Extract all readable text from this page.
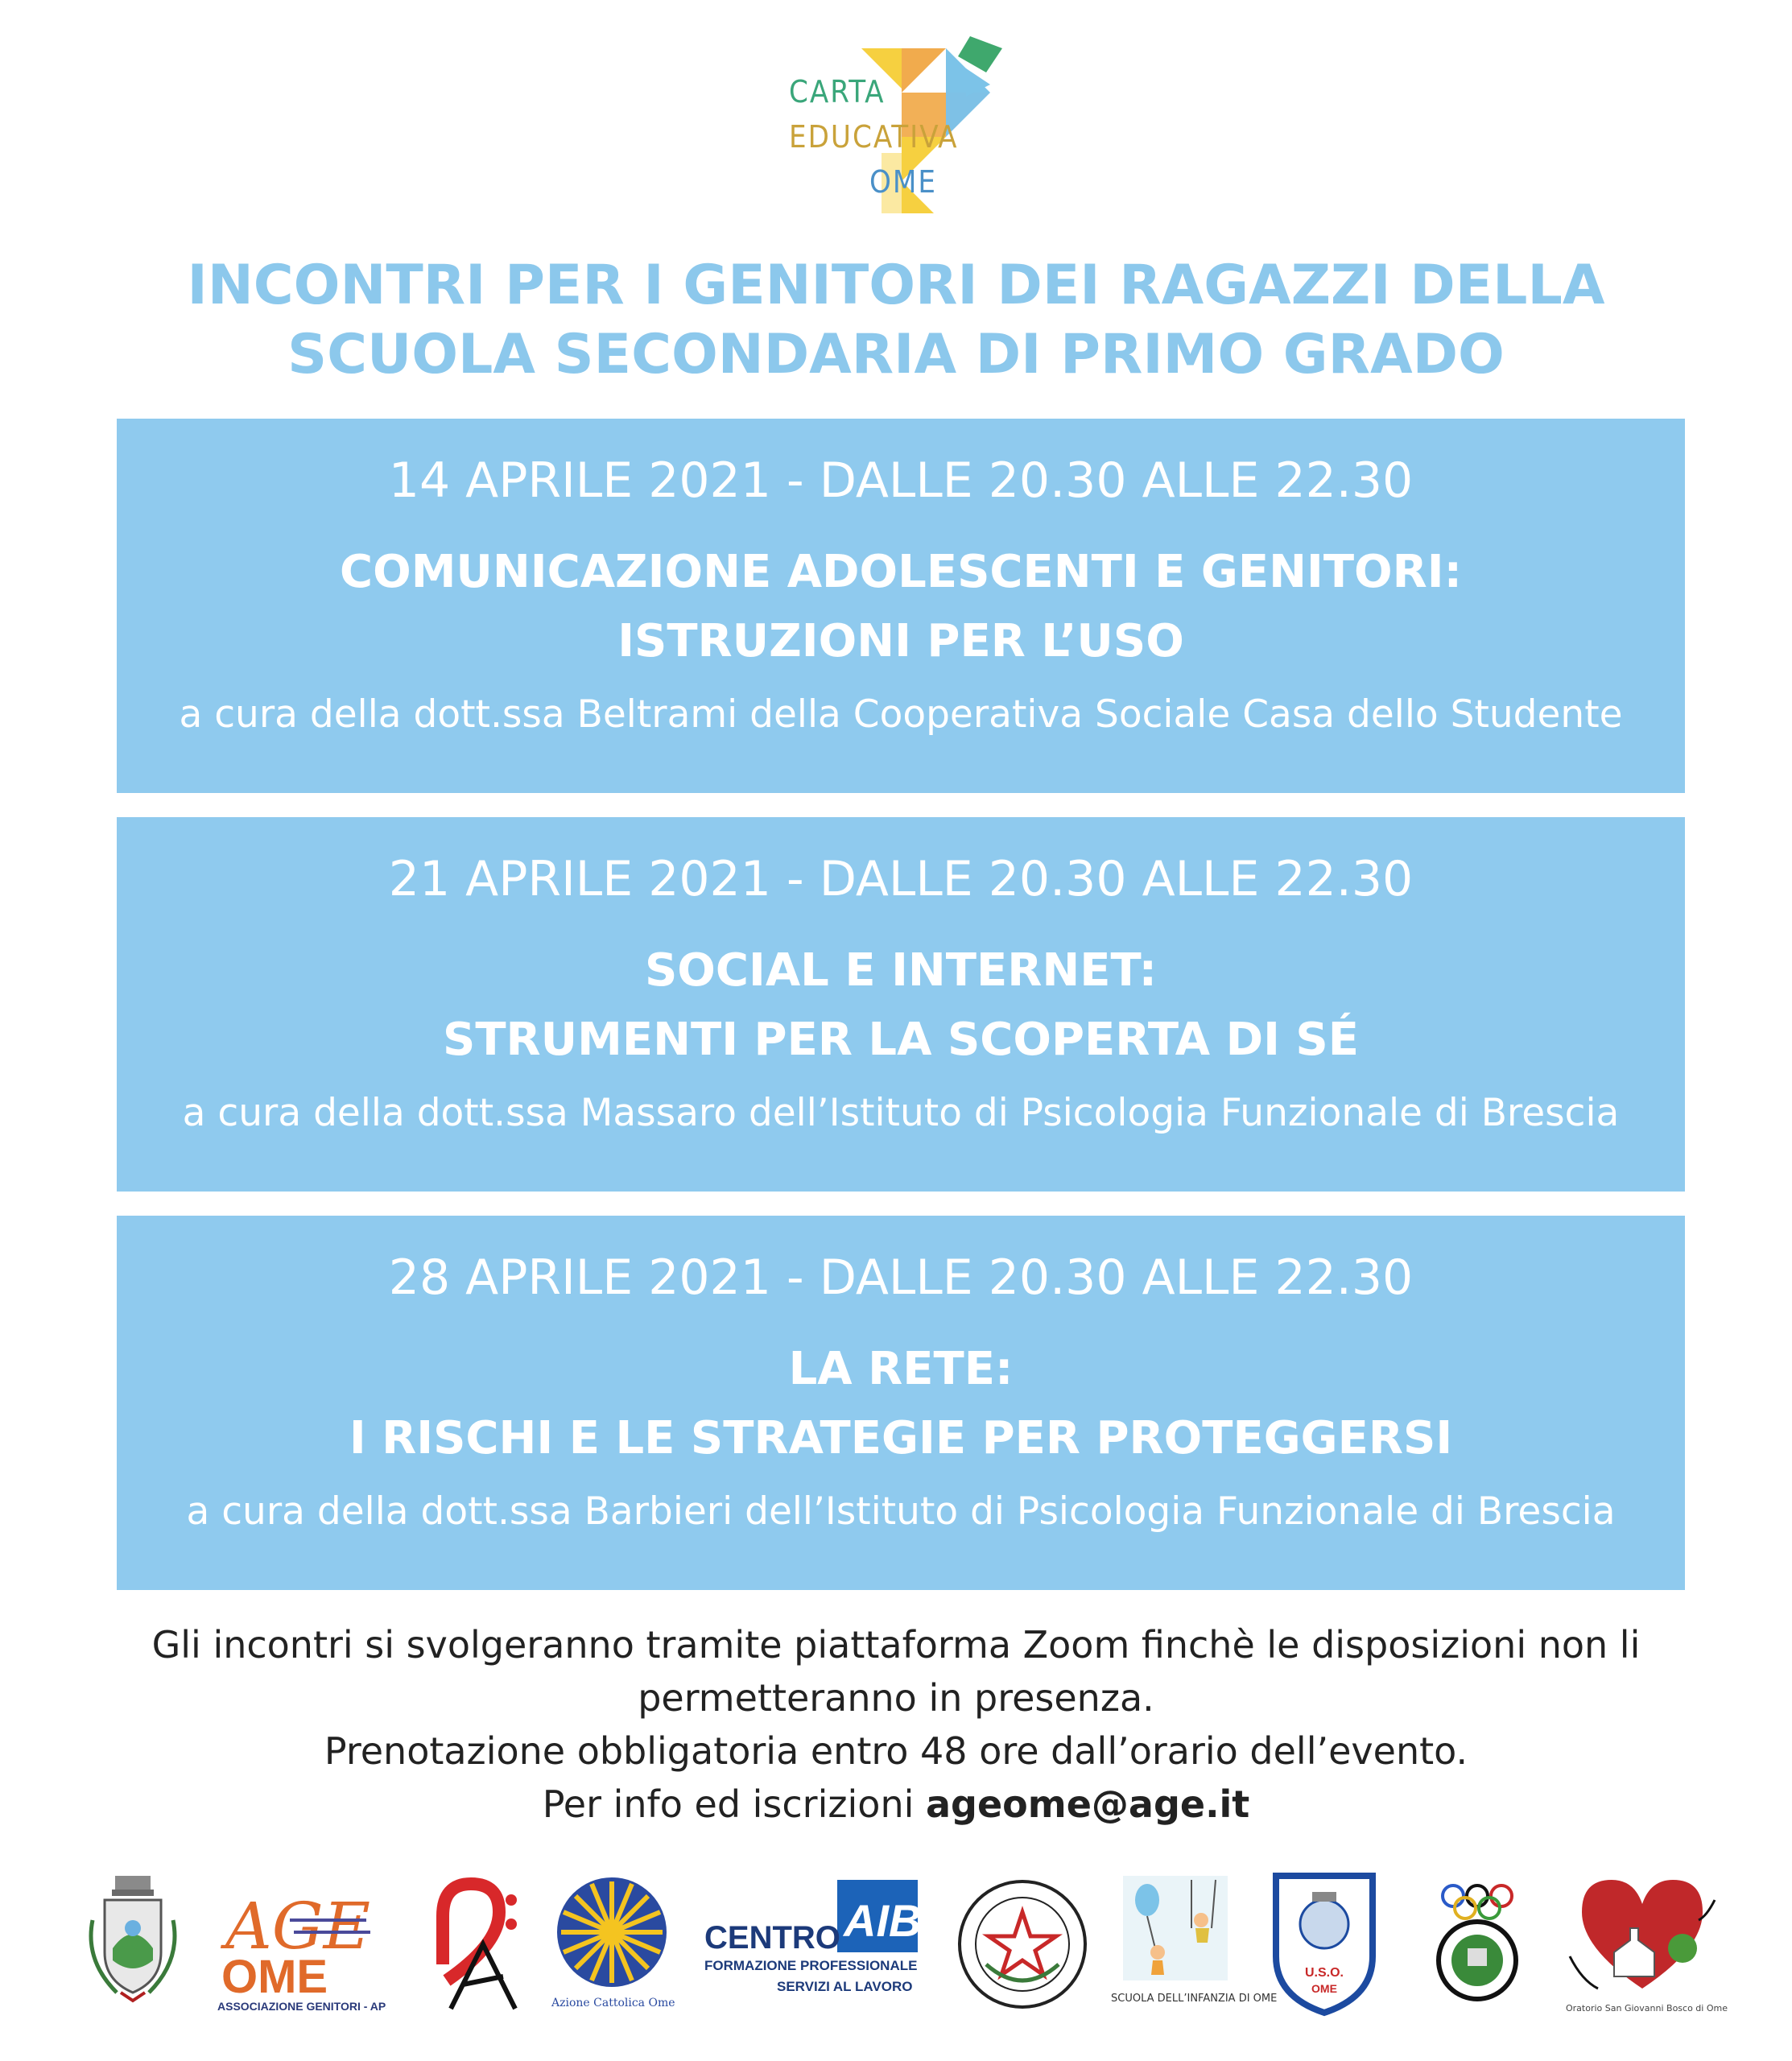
CARTA
EDUCATIVA
OME
INCONTRI PER I GENITORI DEI RAGAZZI DELLA
SCUOLA SECONDARIA DI PRIMO GRADO
14 APRILE 2021 - DALLE 20.30 ALLE 22.30
COMUNICAZIONE ADOLESCENTI E GENITORI:
ISTRUZIONI PER L’USO
a cura della dott.ssa Beltrami della Cooperativa Sociale Casa dello Studente
21 APRILE 2021 - DALLE 20.30 ALLE 22.30
SOCIAL E INTERNET:
STRUMENTI PER LA SCOPERTA DI SÉ
a cura della dott.ssa Massaro dell’Istituto di Psicologia Funzionale di Brescia
28 APRILE 2021 - DALLE 20.30 ALLE 22.30
LA RETE:
I RISCHI E LE STRATEGIE PER PROTEGGERSI
a cura della dott.ssa Barbieri dell’Istituto di Psicologia Funzionale di Brescia
Gli incontri si svolgeranno tramite piattaforma Zoom finchè le disposizioni non li
permetteranno in presenza.
Prenotazione obbligatoria entro 48 ore dall’orario dell’evento.
Per info ed iscrizioni ageome@age.it
AGE
OME
ASSOCIAZIONE GENITORI - APS	Azione Cattolica Ome
AIB
CENTRO
FORMAZIONE PROFESSIONALE
SERVIZI AL LAVORO
SCUOLA DELL’INFANZIA DI OME
U.S.O.
OME
Oratorio San Giovanni Bosco di Ome
